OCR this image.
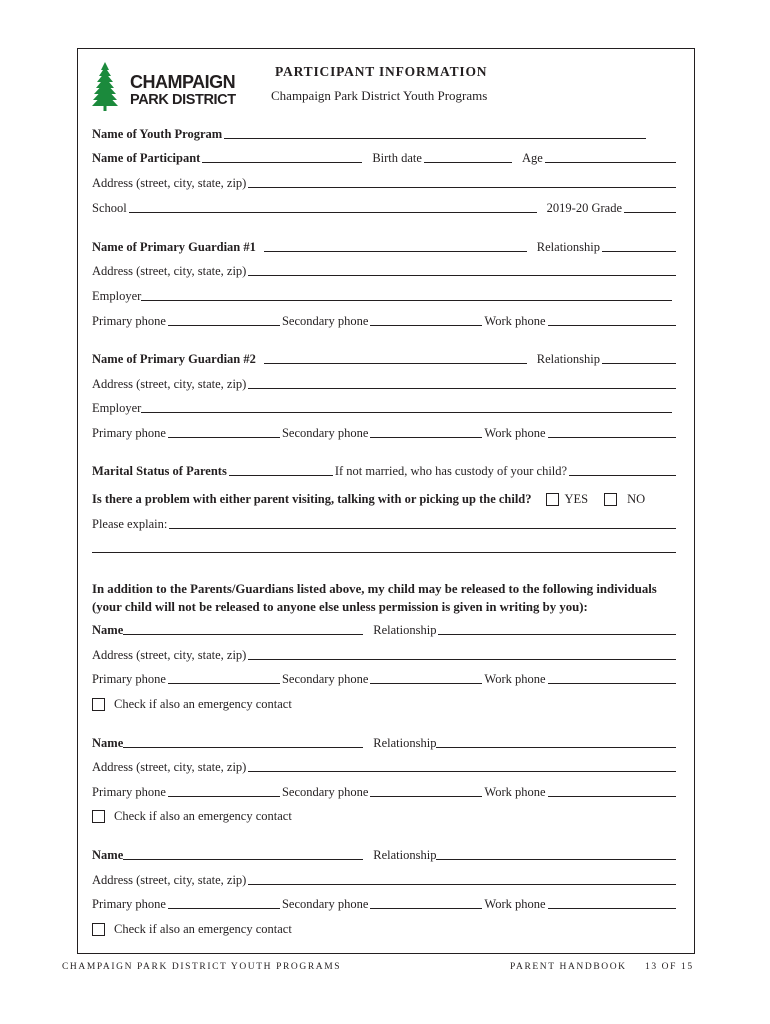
CHAMPAIGN
PARK DISTRICT
PARTICIPANT INFORMATION
Champaign Park District Youth Programs
Name of Youth Program
Name of Participant	Birth date	Age
Address (street, city, state, zip)
School	2019-20 Grade
Name of Primary Guardian #1	Relationship
Address (street, city, state, zip)
Employer
Primary phone	Secondary phone	Work phone
Name of Primary Guardian #2	Relationship
Address (street, city, state, zip)
Employer
Primary phone	Secondary phone	Work phone
Marital Status of Parents	If not married, who has custody of your child?
Is there a problem with either parent visiting, talking with or picking up the child?	YES	NO
Please explain:
In addition to the Parents/Guardians listed above, my child may be released to the following individuals (your child will not be released to anyone else unless permission is given in writing by you):
Name	Relationship
Address (street, city, state, zip)
Primary phone	Secondary phone	Work phone
Check if also an emergency contact
Name	Relationship
Address (street, city, state, zip)
Primary phone	Secondary phone	Work phone
Check if also an emergency contact
Name	Relationship
Address (street, city, state, zip)
Primary phone	Secondary phone	Work phone
Check if also an emergency contact
CHAMPAIGN PARK DISTRICT YOUTH PROGRAMS	PARENT HANDBOOK 13 OF 15
